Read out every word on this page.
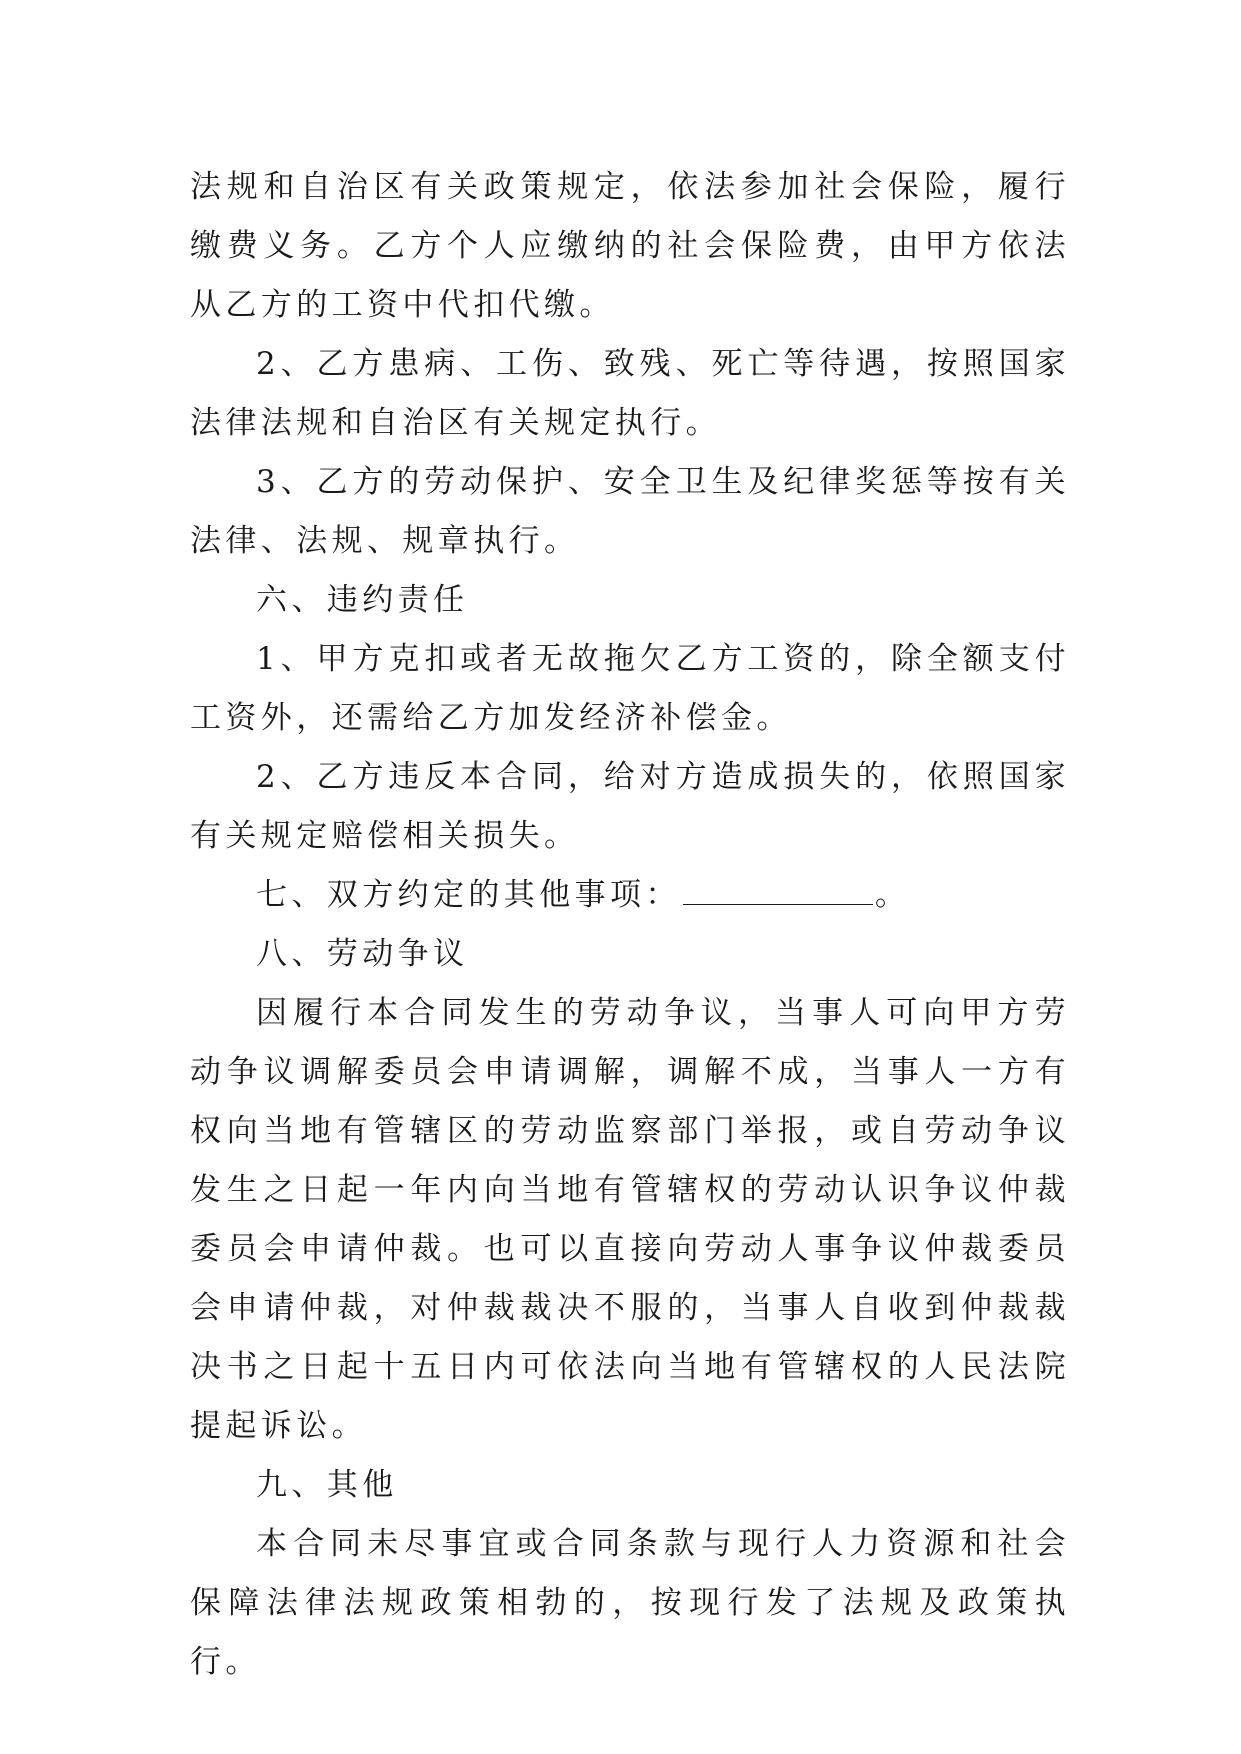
法规和自治区有关政策规定，依法参加社会保险，履行缴费义务。乙方个人应缴纳的社会保险费，由甲方依法从乙方的工资中代扣代缴。

2、乙方患病、工伤、致残、死亡等待遇，按照国家法律法规和自治区有关规定执行。

3、乙方的劳动保护、安全卫生及纪律奖惩等按有关法律、法规、规章执行。

六、违约责任

1、甲方克扣或者无故拖欠乙方工资的，除全额支付工资外，还需给乙方加发经济补偿金。

2、乙方违反本合同，给对方造成损失的，依照国家有关规定赔偿相关损失。

七、双方约定的其他事项：	。

八、劳动争议

因履行本合同发生的劳动争议，当事人可向甲方劳动争议调解委员会申请调解，调解不成，当事人一方有权向当地有管辖区的劳动监察部门举报，或自劳动争议发生之日起一年内向当地有管辖权的劳动认识争议仲裁委员会申请仲裁。也可以直接向劳动人事争议仲裁委员会申请仲裁，对仲裁裁决不服的，当事人自收到仲裁裁决书之日起十五日内可依法向当地有管辖权的人民法院提起诉讼。

九、其他

本合同未尽事宜或合同条款与现行人力资源和社会保障法律法规政策相勃的，按现行发了法规及政策执行。
